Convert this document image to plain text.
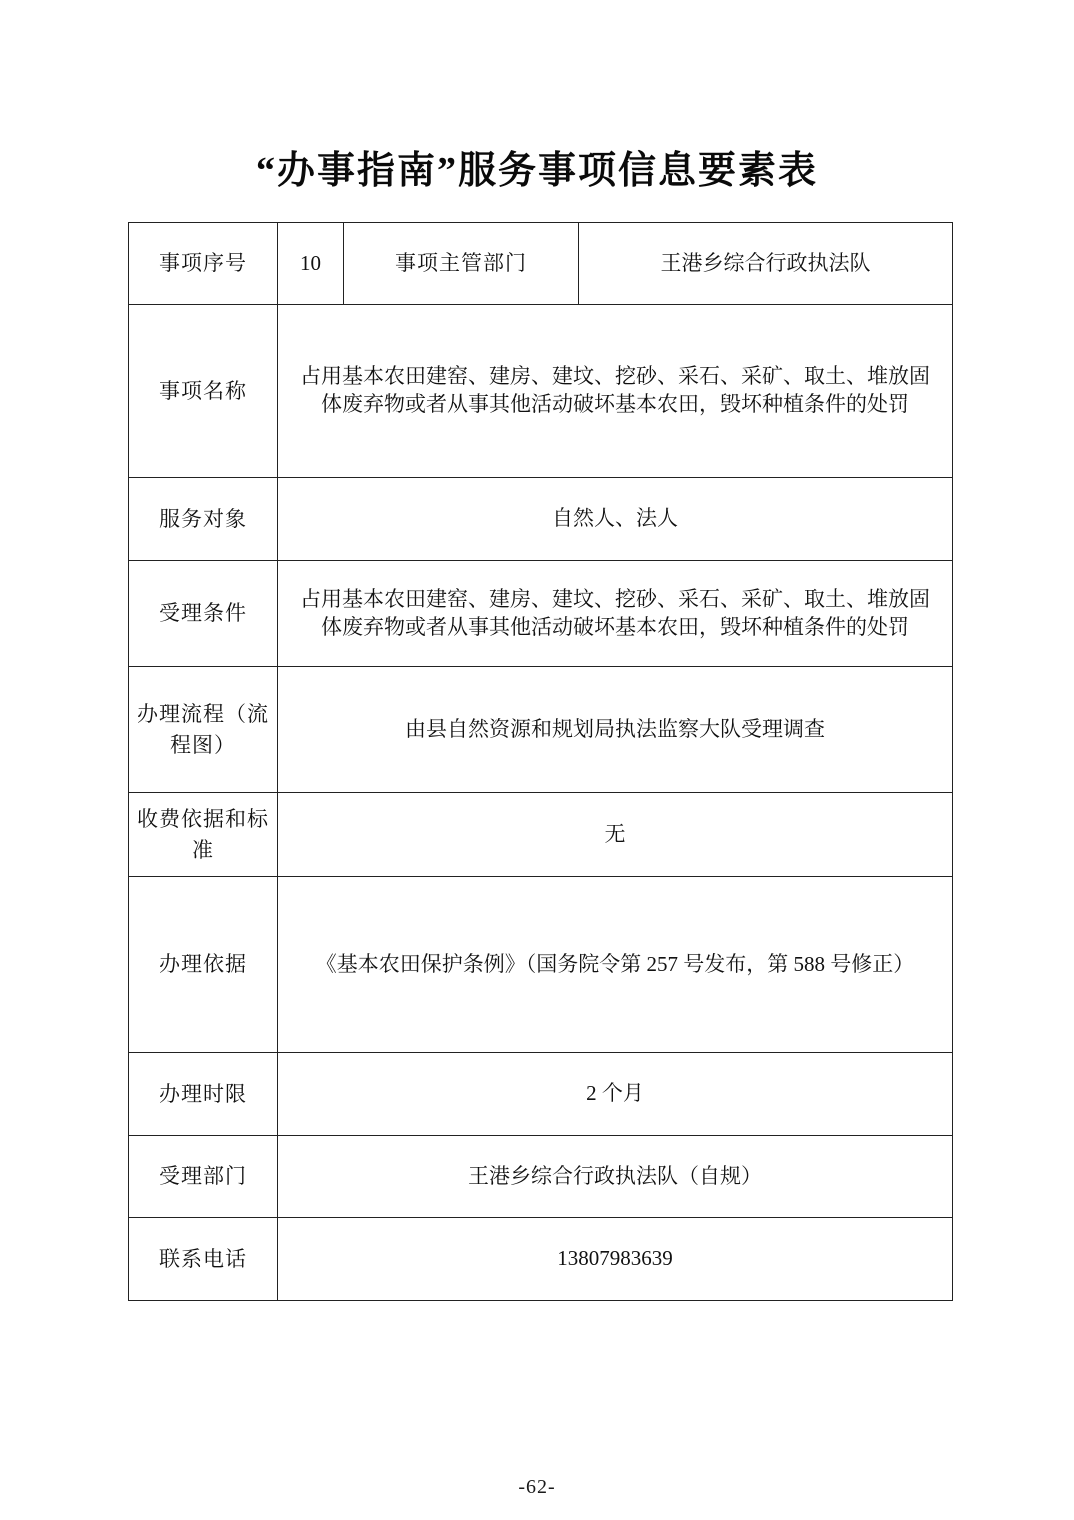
“办事指南”服务事项信息要素表
事项序号	10	事项主管部门	王港乡综合行政执法队
事项名称	占用基本农田建窑、建房、建坟、挖砂、采石、采矿、取土、堆放固体废弃物或者从事其他活动破坏基本农田，毁坏种植条件的处罚		
服务对象	自然人、法人		
受理条件	占用基本农田建窑、建房、建坟、挖砂、采石、采矿、取土、堆放固体废弃物或者从事其他活动破坏基本农田，毁坏种植条件的处罚		
办理流程（流程图）	由县自然资源和规划局执法监察大队受理调查		
收费依据和标准	无		
办理依据	《基本农田保护条例》（国务院令第 257 号发布，第 588 号修正）		
办理时限	2 个月		
受理部门	王港乡综合行政执法队（自规）		
联系电话	13807983639		
-62-
